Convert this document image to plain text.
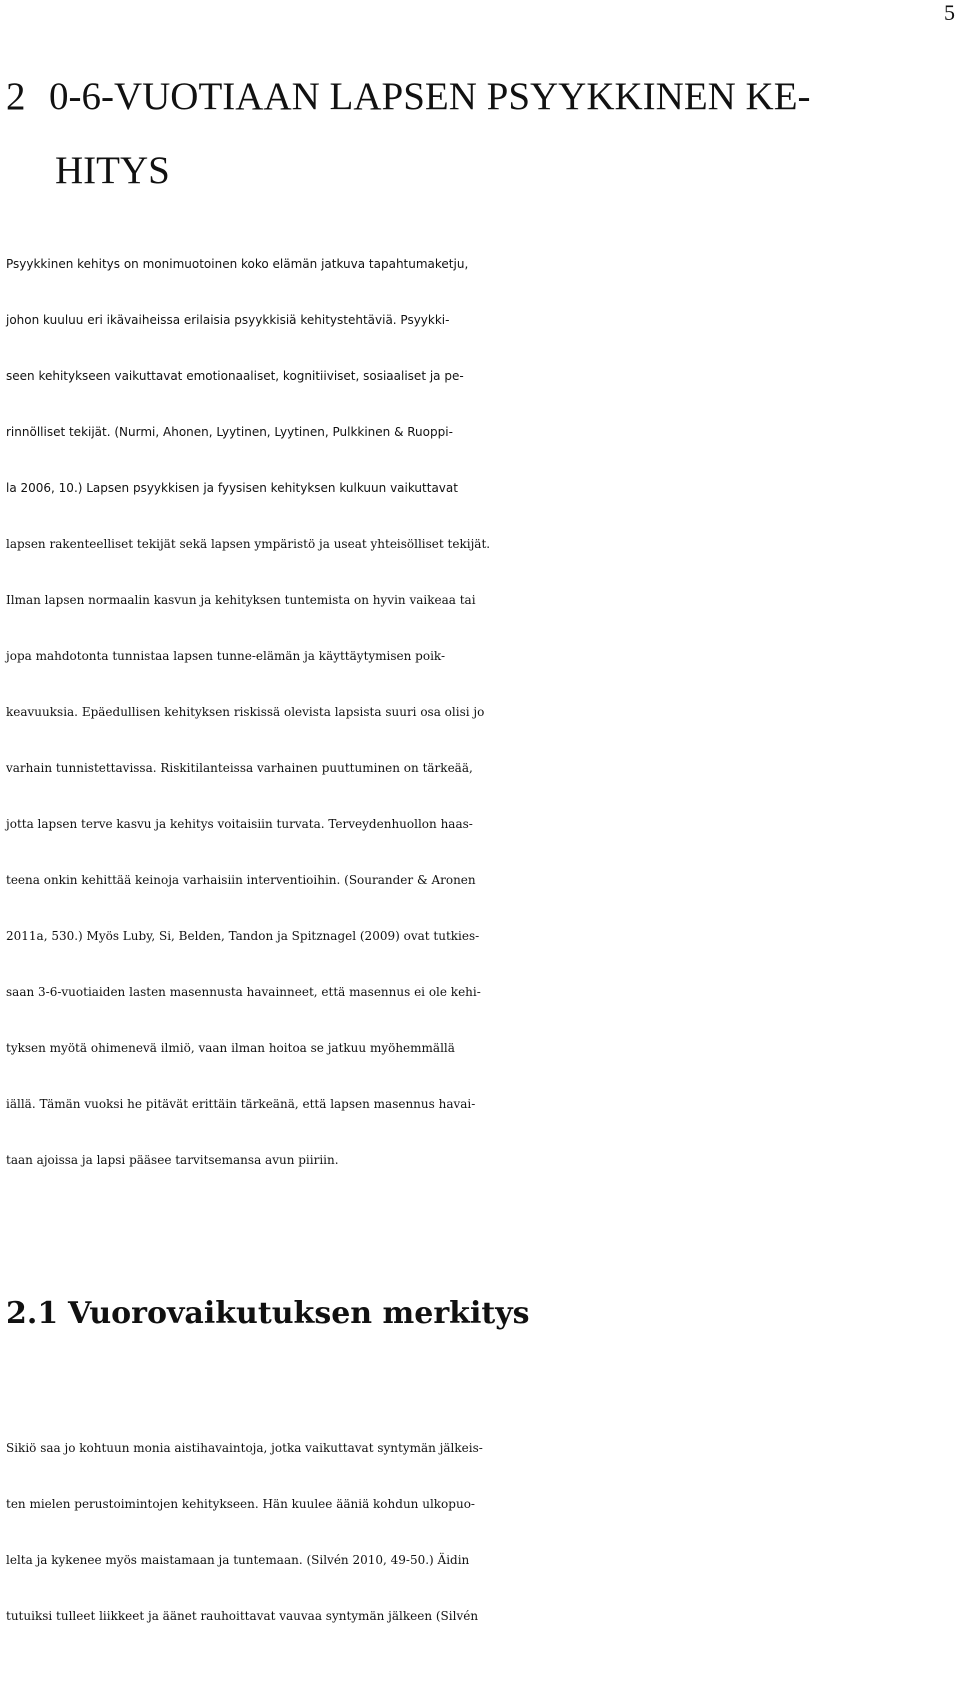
5
2 0-6-VUOTIAAN LAPSEN PSYYKKINEN KE-
HITYS
Psyykkinen kehitys on monimuotoinen koko elämän jatkuva tapahtumaketju,
johon kuuluu eri ikävaiheissa erilaisia psyykkisiä kehitystehtäviä. Psyykki-
seen kehitykseen vaikuttavat emotionaaliset, kognitiiviset, sosiaaliset ja pe-
rinnölliset tekijät. (Nurmi, Ahonen, Lyytinen, Lyytinen, Pulkkinen & Ruoppi-
la 2006, 10.) Lapsen psyykkisen ja fyysisen kehityksen kulkuun vaikuttavat
lapsen rakenteelliset tekijät sekä lapsen ympäristö ja useat yhteisölliset tekijät.
Ilman lapsen normaalin kasvun ja kehityksen tuntemista on hyvin vaikeaa tai
jopa mahdotonta tunnistaa lapsen tunne-elämän ja käyttäytymisen poik-
keavuuksia. Epäedullisen kehityksen riskissä olevista lapsista suuri osa olisi jo
varhain tunnistettavissa. Riskitilanteissa varhainen puuttuminen on tärkeää,
jotta lapsen terve kasvu ja kehitys voitaisiin turvata. Terveydenhuollon haas-
teena onkin kehittää keinoja varhaisiin interventioihin. (Sourander & Aronen
2011a, 530.) Myös Luby, Si, Belden, Tandon ja Spitznagel (2009) ovat tutkies-
saan 3-6-vuotiaiden lasten masennusta havainneet, että masennus ei ole kehi-
tyksen myötä ohimenevä ilmiö, vaan ilman hoitoa se jatkuu myöhemmällä
iällä. Tämän vuoksi he pitävät erittäin tärkeänä, että lapsen masennus havai-
taan ajoissa ja lapsi pääsee tarvitsemansa avun piiriin.
2.1 Vuorovaikutuksen merkitys
Sikiö saa jo kohtuun monia aistihavaintoja, jotka vaikuttavat syntymän jälkeis-
ten mielen perustoimintojen kehitykseen. Hän kuulee ääniä kohdun ulkopuo-
lelta ja kykenee myös maistamaan ja tuntemaan. (Silvén 2010, 49-50.) Äidin
tutuiksi tulleet liikkeet ja äänet rauhoittavat vauvaa syntymän jälkeen (Silvén
